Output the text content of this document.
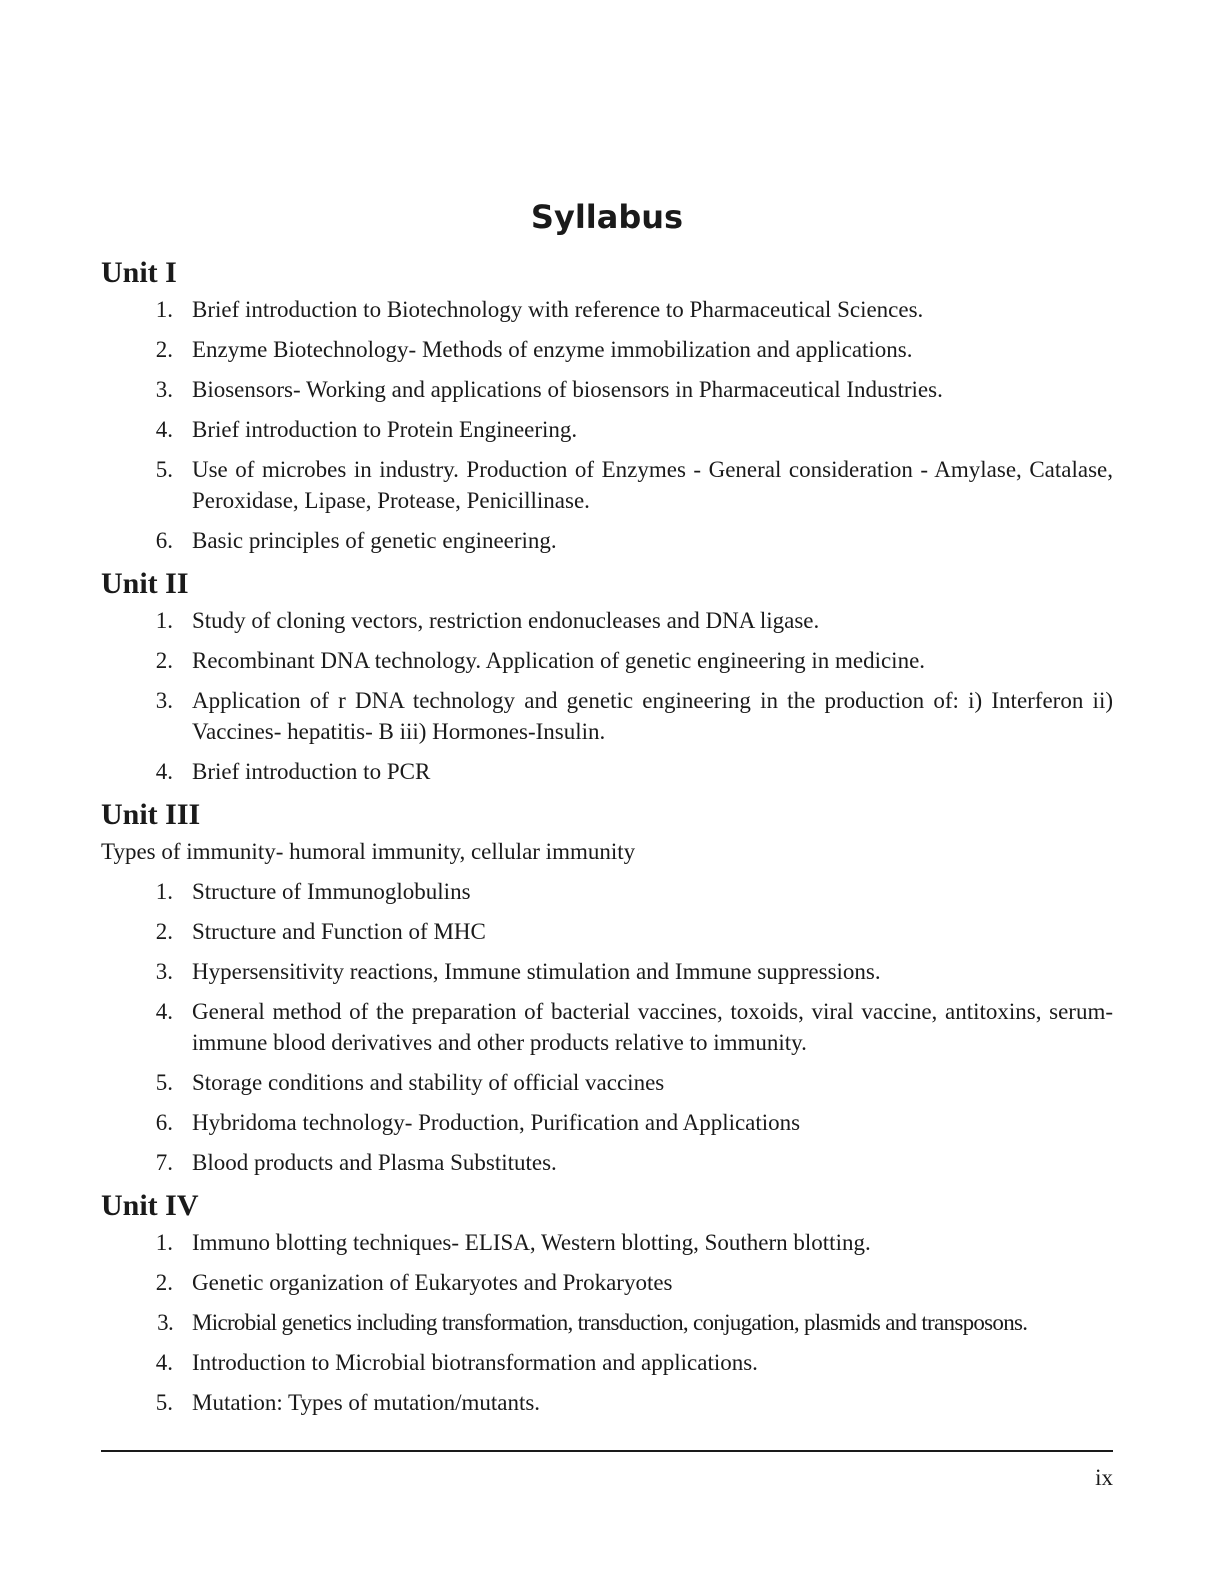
Syllabus
Unit I
1. Brief introduction to Biotechnology with reference to Pharmaceutical Sciences.
2. Enzyme Biotechnology- Methods of enzyme immobilization and applications.
3. Biosensors- Working and applications of biosensors in Pharmaceutical Industries.
4. Brief introduction to Protein Engineering.
5. Use of microbes in industry. Production of Enzymes - General consideration - Amylase, Catalase, Peroxidase, Lipase, Protease, Penicillinase.
6. Basic principles of genetic engineering.
Unit II
1. Study of cloning vectors, restriction endonucleases and DNA ligase.
2. Recombinant DNA technology. Application of genetic engineering in medicine.
3. Application of r DNA technology and genetic engineering in the production of: i) Interferon ii) Vaccines- hepatitis- B iii) Hormones-Insulin.
4. Brief introduction to PCR
Unit III

Types of immunity- humoral immunity, cellular immunity

1. Structure of Immunoglobulins
2. Structure and Function of MHC
3. Hypersensitivity reactions, Immune stimulation and Immune suppressions.
4. General method of the preparation of bacterial vaccines, toxoids, viral vaccine, antitoxins, serum-immune blood derivatives and other products relative to immunity.
5. Storage conditions and stability of official vaccines
6. Hybridoma technology- Production, Purification and Applications
7. Blood products and Plasma Substitutes.
Unit IV
1. Immuno blotting techniques- ELISA, Western blotting, Southern blotting.
2. Genetic organization of Eukaryotes and Prokaryotes
3. Microbial genetics including transformation, transduction, conjugation, plasmids and transposons.
4. Introduction to Microbial biotransformation and applications.
5. Mutation: Types of mutation/mutants.
ix
